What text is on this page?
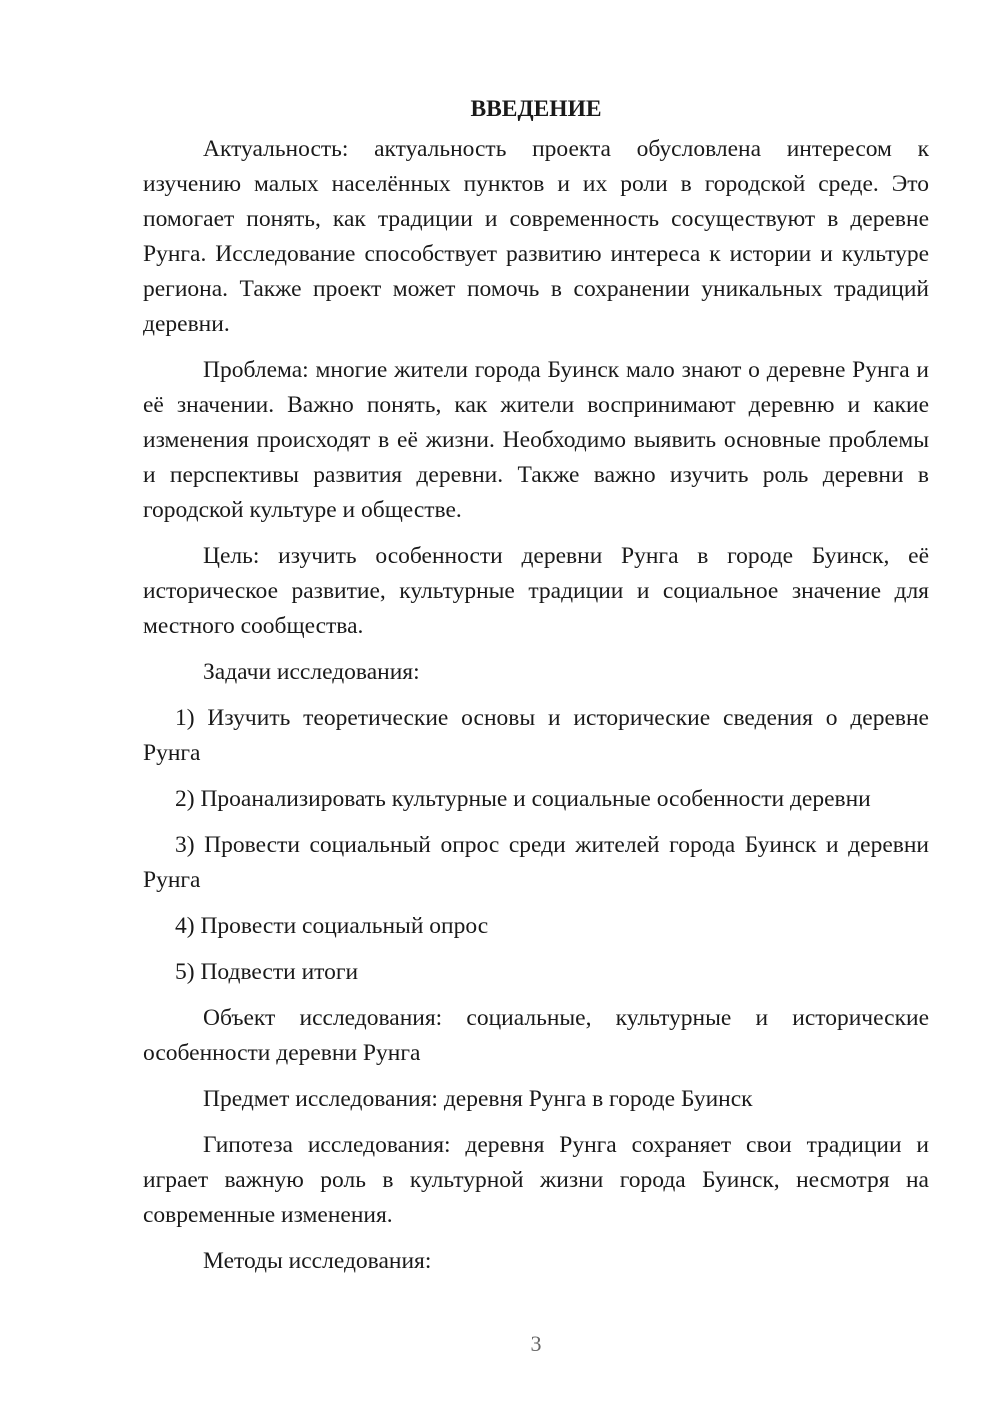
ВВЕДЕНИЕ

Актуальность: актуальность проекта обусловлена интересом к изучению малых населённых пунктов и их роли в городской среде. Это помогает понять, как традиции и современность сосуществуют в деревне Рунга. Исследование способствует развитию интереса к истории и культуре региона. Также проект может помочь в сохранении уникальных традиций деревни.

Проблема: многие жители города Буинск мало знают о деревне Рунга и её значении. Важно понять, как жители воспринимают деревню и какие изменения происходят в её жизни. Необходимо выявить основные проблемы и перспективы развития деревни. Также важно изучить роль деревни в городской культуре и обществе.

Цель: изучить особенности деревни Рунга в городе Буинск, её историческое развитие, культурные традиции и социальное значение для местного сообщества.

Задачи исследования:

1) Изучить теоретические основы и исторические сведения о деревне Рунга

2) Проанализировать культурные и социальные особенности деревни

3) Провести социальный опрос среди жителей города Буинск и деревни Рунга

4) Провести социальный опрос

5) Подвести итоги

Объект исследования: социальные, культурные и исторические особенности деревни Рунга

Предмет исследования: деревня Рунга в городе Буинск

Гипотеза исследования: деревня Рунга сохраняет свои традиции и играет важную роль в культурной жизни города Буинск, несмотря на современные изменения.

Методы исследования:

3
